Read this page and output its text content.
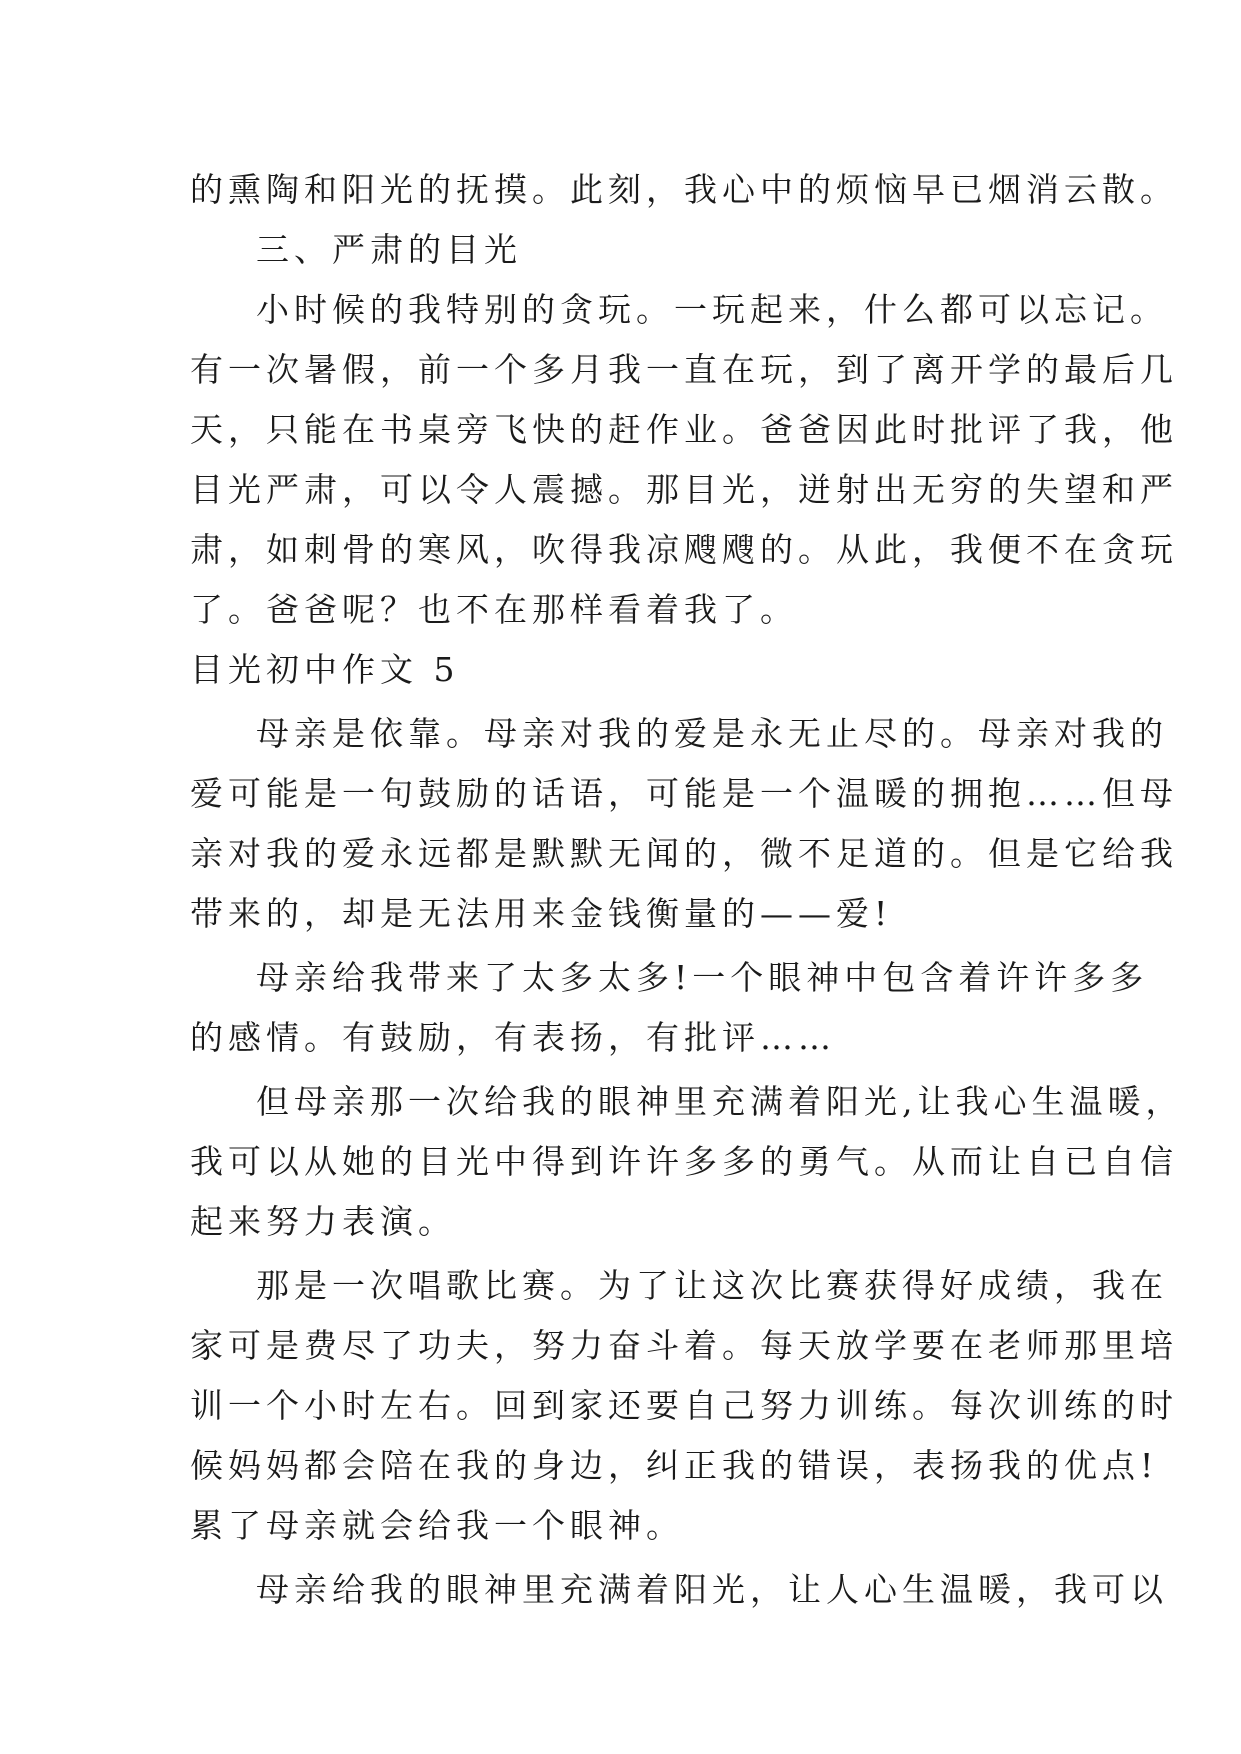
的熏陶和阳光的抚摸。此刻，我心中的烦恼早已烟消云散。
三、严肃的目光
小时候的我特别的贪玩。一玩起来，什么都可以忘记。
有一次暑假，前一个多月我一直在玩，到了离开学的最后几
天，只能在书桌旁飞快的赶作业。爸爸因此时批评了我，他
目光严肃，可以令人震撼。那目光，迸射出无穷的失望和严
肃，如刺骨的寒风，吹得我凉飕飕的。从此，我便不在贪玩
了。爸爸呢？也不在那样看着我了。
目光初中作文 5
母亲是依靠。母亲对我的爱是永无止尽的。母亲对我的
爱可能是一句鼓励的话语，可能是一个温暖的拥抱……但母
亲对我的爱永远都是默默无闻的，微不足道的。但是它给我
带来的，却是无法用来金钱衡量的——爱!
母亲给我带来了太多太多!一个眼神中包含着许许多多
的感情。有鼓励，有表扬，有批评……
但母亲那一次给我的眼神里充满着阳光,让我心生温暖，
我可以从她的目光中得到许许多多的勇气。从而让自已自信
起来努力表演。
那是一次唱歌比赛。为了让这次比赛获得好成绩，我在
家可是费尽了功夫，努力奋斗着。每天放学要在老师那里培
训一个小时左右。回到家还要自己努力训练。每次训练的时
候妈妈都会陪在我的身边，纠正我的错误，表扬我的优点!
累了母亲就会给我一个眼神。
母亲给我的眼神里充满着阳光，让人心生温暖，我可以
